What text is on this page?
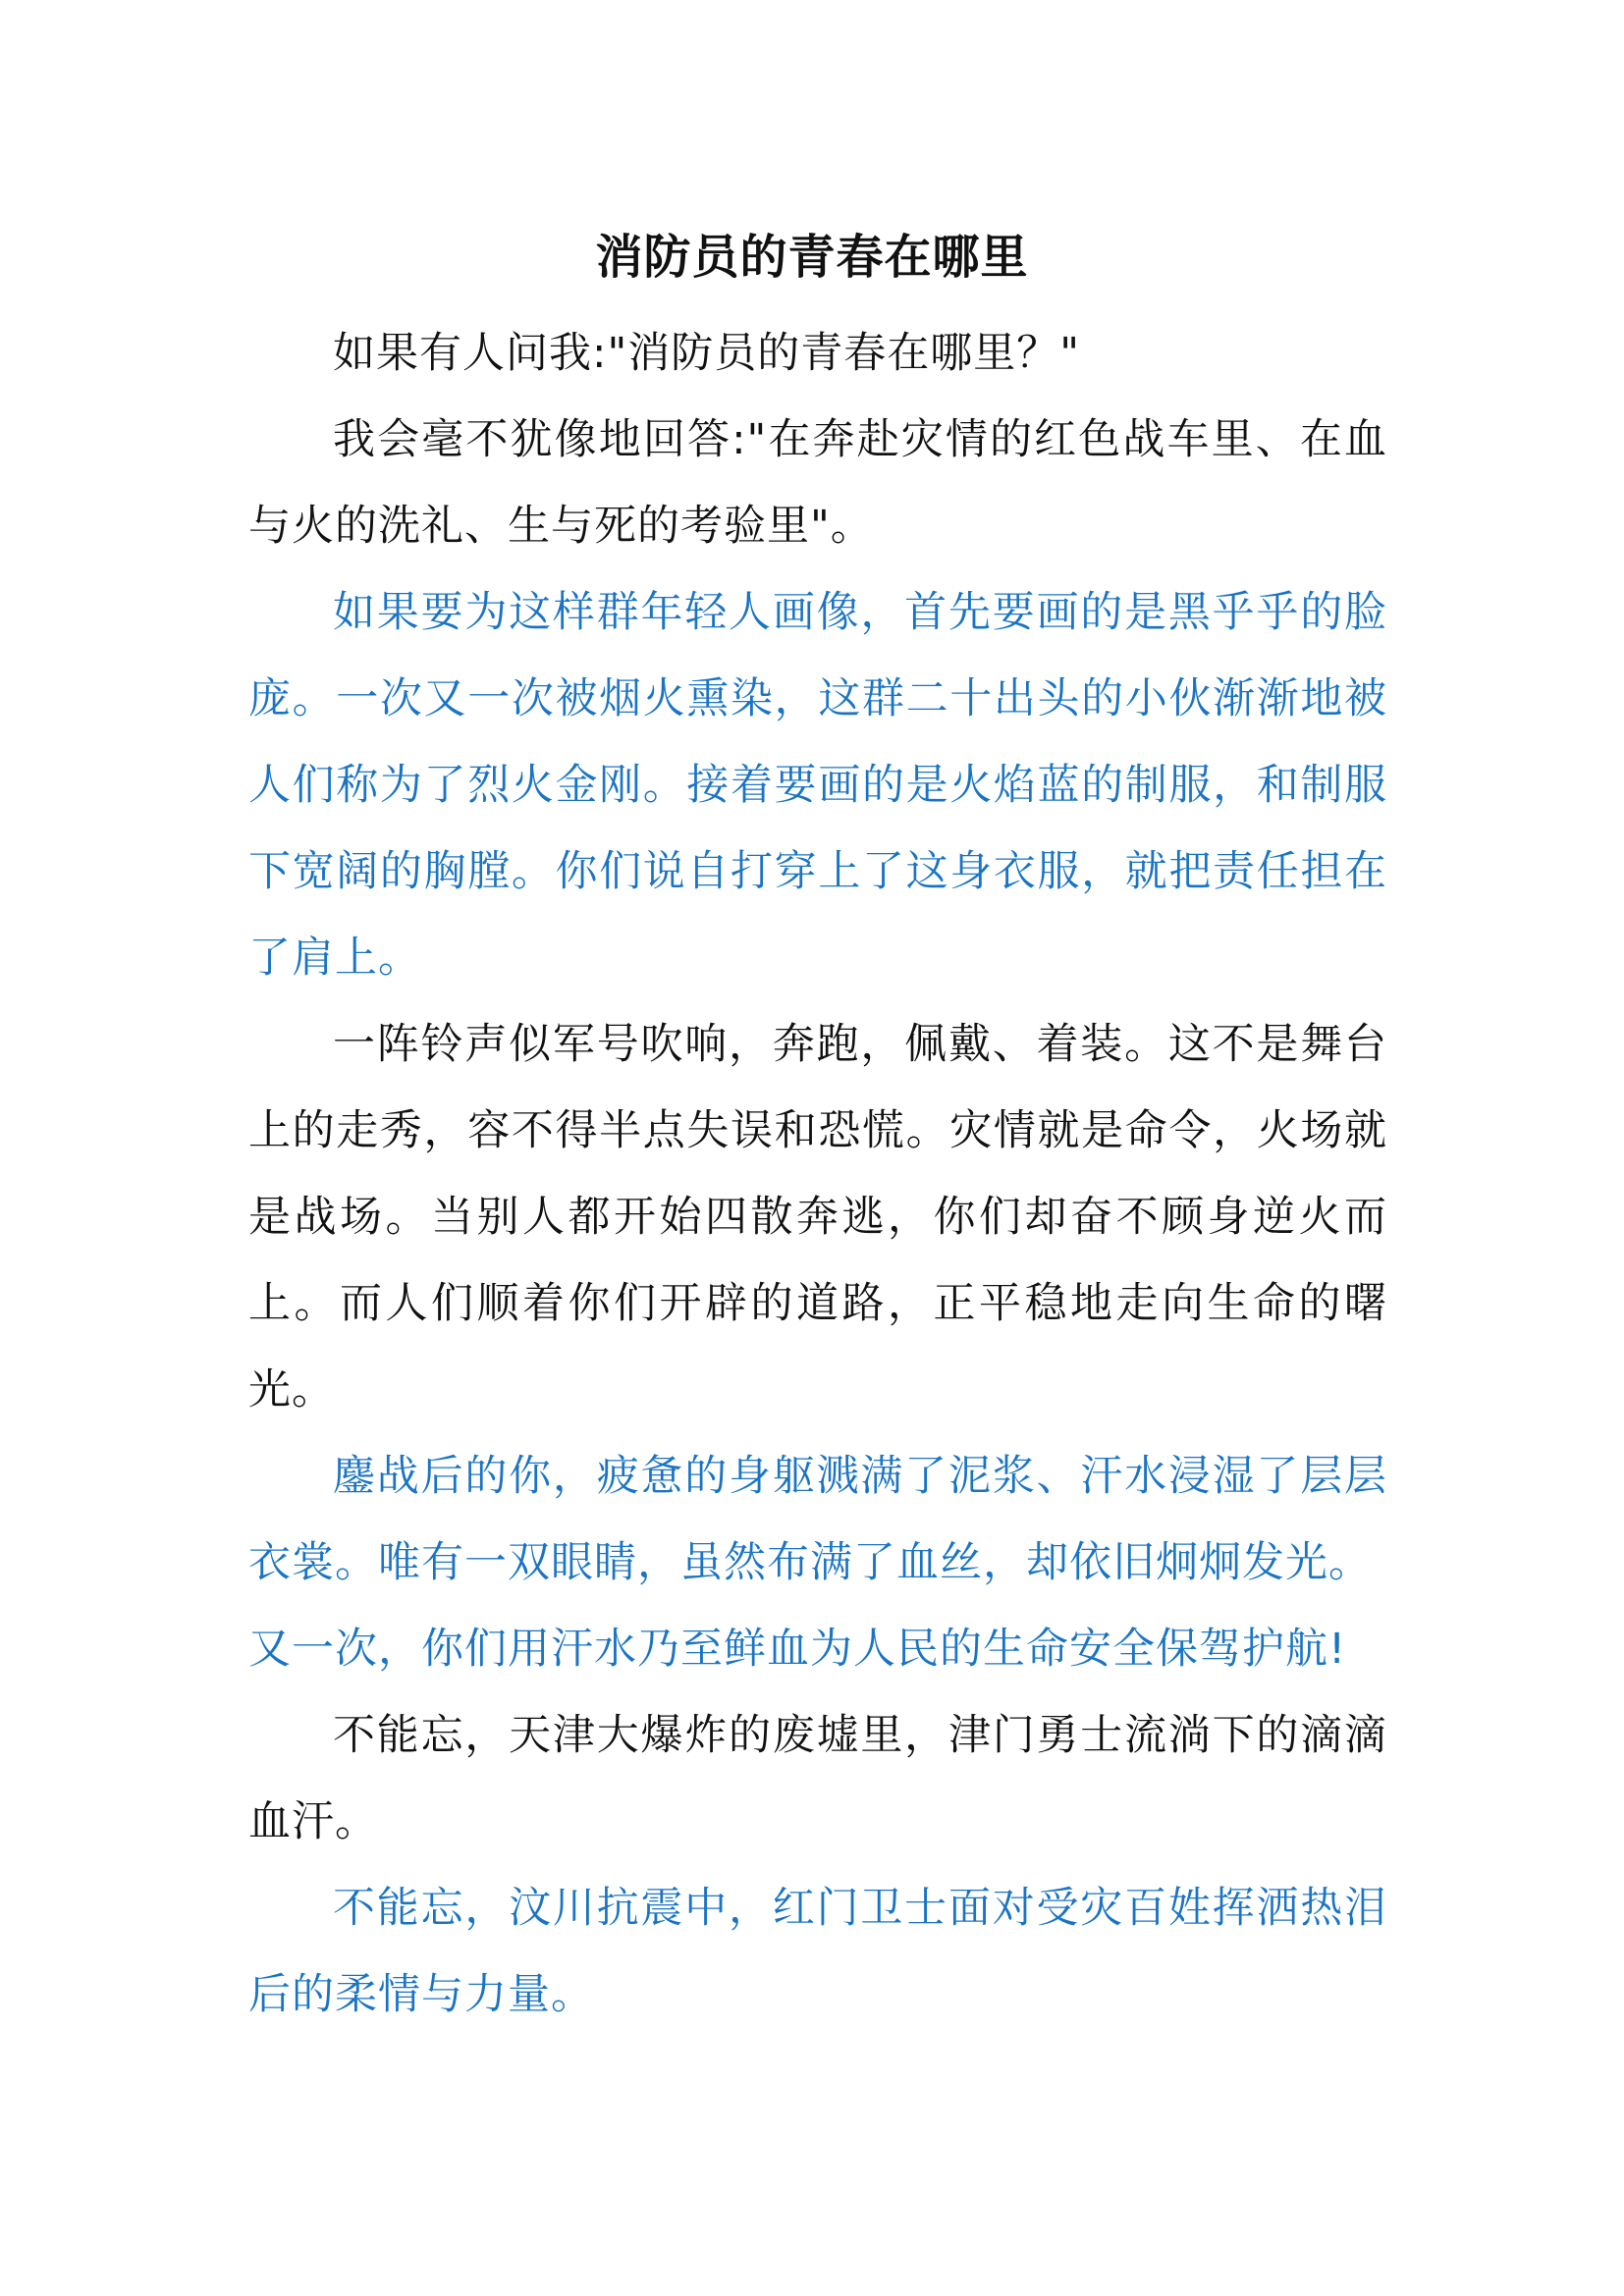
消防员的青春在哪里

如果有人问我:"消防员的青春在哪里？"

我会毫不犹像地回答:"在奔赴灾情的红色战车里、在血与火的洗礼、生与死的考验里"。

如果要为这样群年轻人画像，首先要画的是黑乎乎的脸庞。一次又一次被烟火熏染，这群二十出头的小伙渐渐地被人们称为了烈火金刚。接着要画的是火焰蓝的制服，和制服下宽阔的胸膛。你们说自打穿上了这身衣服，就把责任担在了肩上。

一阵铃声似军号吹响，奔跑，佩戴、着装。这不是舞台上的走秀，容不得半点失误和恐慌。灾情就是命令，火场就是战场。当别人都开始四散奔逃，你们却奋不顾身逆火而上。而人们顺着你们开辟的道路，正平稳地走向生命的曙光。

鏖战后的你，疲惫的身躯溅满了泥浆、汗水浸湿了层层衣裳。唯有一双眼睛，虽然布满了血丝，却依旧炯炯发光。

又一次，你们用汗水乃至鲜血为人民的生命安全保驾护航!

不能忘，天津大爆炸的废墟里，津门勇士流淌下的滴滴血汗。

不能忘，汶川抗震中，红门卫士面对受灾百姓挥洒热泪后的柔情与力量。
